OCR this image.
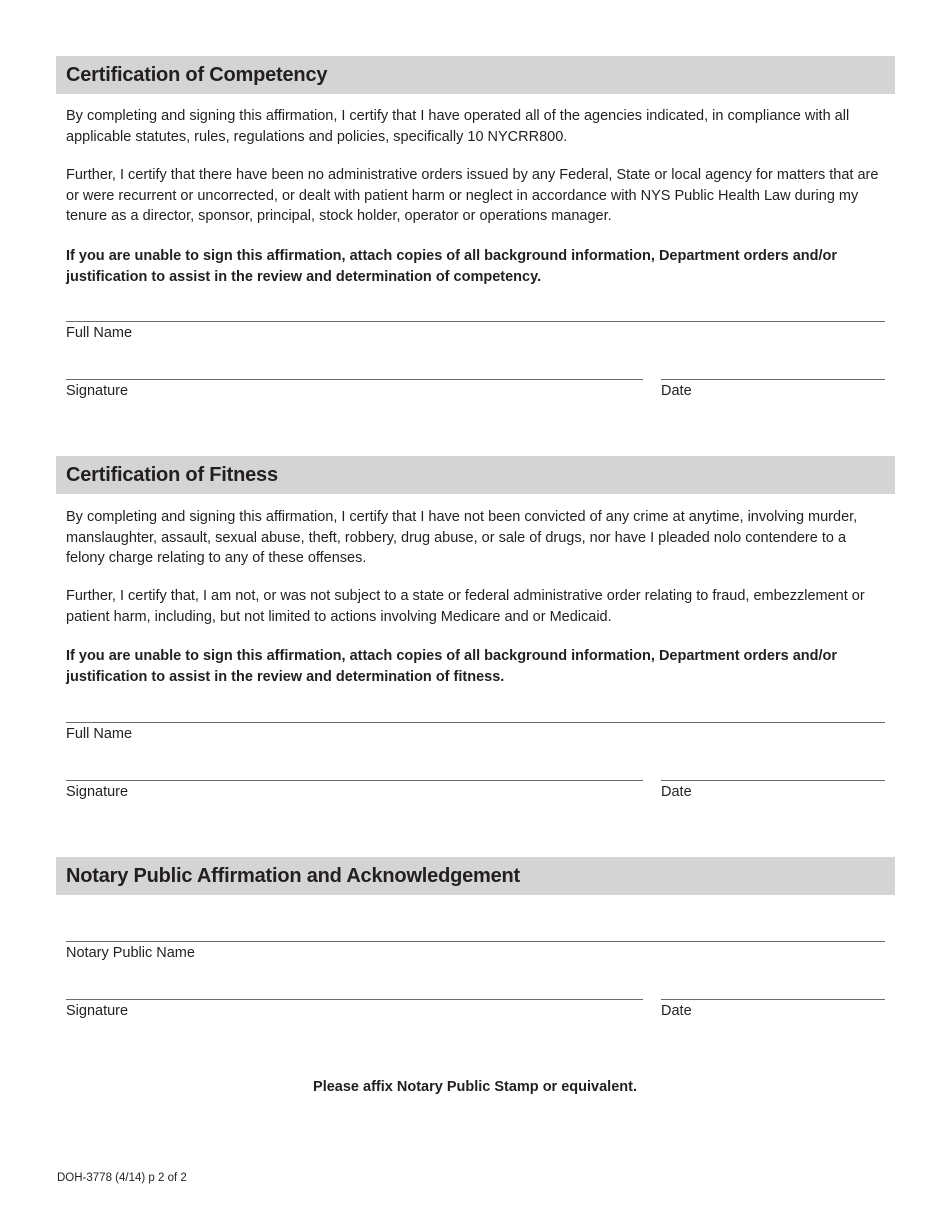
Certification of Competency

By completing and signing this affirmation, I certify that I have operated all of the agencies indicated, in compliance with all applicable statutes, rules, regulations and policies, specifically 10 NYCRR800.

Further, I certify that there have been no administrative orders issued by any Federal, State or local agency for matters that are or were recurrent or uncorrected, or dealt with patient harm or neglect in accordance with NYS Public Health Law during my tenure as a director, sponsor, principal, stock holder, operator or operations manager.

If you are unable to sign this affirmation, attach copies of all background information, Department orders and/or justification to assist in the review and determination of competency.

Full Name

Signature	Date

Certification of Fitness

By completing and signing this affirmation, I certify that I have not been convicted of any crime at anytime, involving murder, manslaughter, assault, sexual abuse, theft, robbery, drug abuse, or sale of drugs, nor have I pleaded nolo contendere to a felony charge relating to any of these offenses.

Further, I certify that, I am not, or was not subject to a state or federal administrative order relating to fraud, embezzlement or patient harm, including, but not limited to actions involving Medicare and or Medicaid.

If you are unable to sign this affirmation, attach copies of all background information, Department orders and/or justification to assist in the review and determination of fitness.

Full Name

Signature	Date

Notary Public Affirmation and Acknowledgement

Notary Public Name

Signature	Date

Please affix Notary Public Stamp or equivalent.

DOH-3778 (4/14) p 2 of 2
